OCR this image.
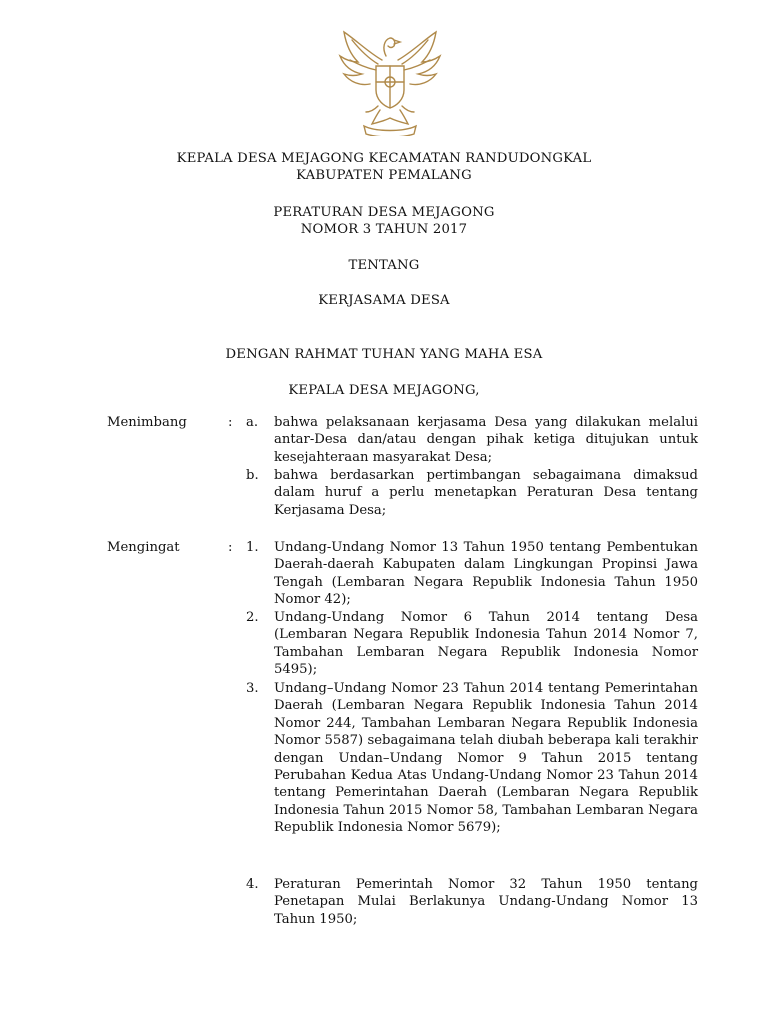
KEPALA DESA MEJAGONG KECAMATAN RANDUDONGKAL
KABUPATEN PEMALANG
PERATURAN DESA MEJAGONG
NOMOR 3 TAHUN 2017
TENTANG
KERJASAMA DESA
DENGAN RAHMAT TUHAN YANG MAHA ESA
KEPALA DESA MEJAGONG,
Menimbang	: a.	bahwa pelaksanaan kerjasama Desa yang dilakukan melalui antar-Desa dan/atau dengan pihak ketiga ditujukan untuk kesejahteraan masyarakat Desa;
b.	bahwa berdasarkan pertimbangan sebagaimana dimaksud dalam huruf a perlu menetapkan Peraturan Desa tentang Kerjasama Desa;
Mengingat	: 1.	Undang-Undang Nomor 13 Tahun 1950 tentang Pembentukan Daerah-daerah Kabupaten dalam Lingkungan Propinsi Jawa Tengah (Lembaran Negara Republik Indonesia Tahun 1950 Nomor 42);
2.	Undang-Undang Nomor 6 Tahun 2014 tentang Desa (Lembaran Negara Republik Indonesia Tahun 2014 Nomor 7, Tambahan Lembaran Negara Republik Indonesia Nomor 5495);
3.	Undang–Undang Nomor 23 Tahun 2014 tentang Pemerintahan Daerah (Lembaran Negara Republik Indonesia Tahun 2014 Nomor 244, Tambahan Lembaran Negara Republik Indonesia Nomor 5587) sebagaimana telah diubah beberapa kali terakhir dengan Undan–Undang Nomor 9 Tahun 2015 tentang Perubahan Kedua Atas Undang-Undang Nomor 23 Tahun 2014 tentang Pemerintahan Daerah (Lembaran Negara Republik Indonesia Tahun 2015 Nomor 58, Tambahan Lembaran Negara Republik Indonesia Nomor 5679);
4.	Peraturan Pemerintah Nomor 32 Tahun 1950 tentang Penetapan Mulai Berlakunya Undang-Undang Nomor 13 Tahun 1950;
